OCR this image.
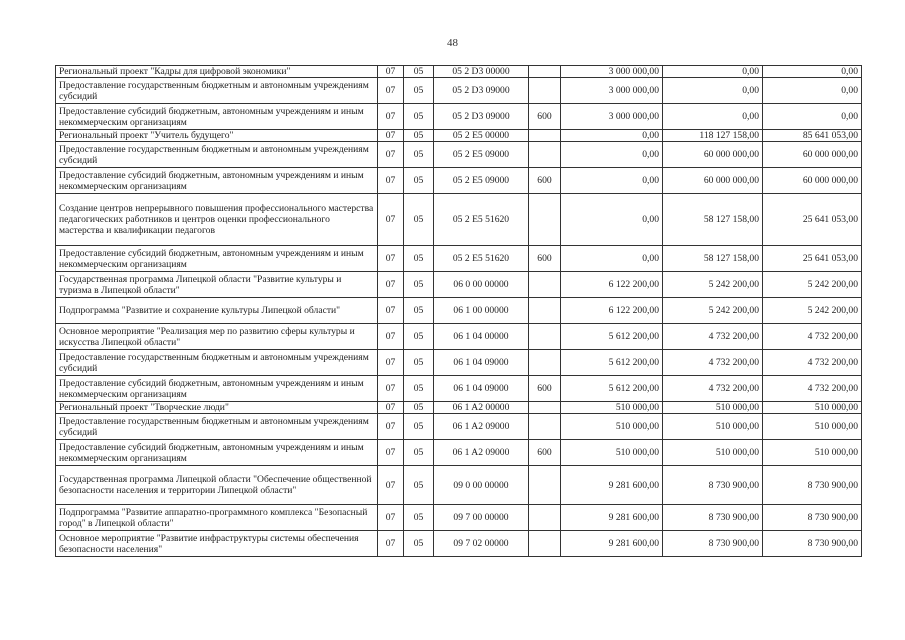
48
Региональный проект "Кадры для цифровой экономики"	07	05	05 2 D3 00000		3 000 000,00	0,00	0,00
Предоставление государственным бюджетным и автономным учреждениям субсидий	07	05	05 2 D3 09000		3 000 000,00	0,00	0,00
Предоставление субсидий бюджетным, автономным учреждениям и иным некоммерческим организациям	07	05	05 2 D3 09000	600	3 000 000,00	0,00	0,00
Региональный проект "Учитель будущего"	07	05	05 2 E5 00000		0,00	118 127 158,00	85 641 053,00
Предоставление государственным бюджетным и автономным учреждениям субсидий	07	05	05 2 E5 09000		0,00	60 000 000,00	60 000 000,00
Предоставление субсидий бюджетным, автономным учреждениям и иным некоммерческим организациям	07	05	05 2 E5 09000	600	0,00	60 000 000,00	60 000 000,00
Создание центров непрерывного повышения профессионального мастерства педагогических работников и центров оценки профессионального мастерства и квалификации педагогов	07	05	05 2 E5 51620		0,00	58 127 158,00	25 641 053,00
Предоставление субсидий бюджетным, автономным учреждениям и иным некоммерческим организациям	07	05	05 2 E5 51620	600	0,00	58 127 158,00	25 641 053,00
Государственная программа Липецкой области "Развитие культуры и туризма в Липецкой области"	07	05	06 0 00 00000		6 122 200,00	5 242 200,00	5 242 200,00
Подпрограмма "Развитие и сохранение культуры Липецкой области"	07	05	06 1 00 00000		6 122 200,00	5 242 200,00	5 242 200,00
Основное мероприятие "Реализация мер по развитию сферы культуры и искусства Липецкой области"	07	05	06 1 04 00000		5 612 200,00	4 732 200,00	4 732 200,00
Предоставление государственным бюджетным и автономным учреждениям субсидий	07	05	06 1 04 09000		5 612 200,00	4 732 200,00	4 732 200,00
Предоставление субсидий бюджетным, автономным учреждениям и иным некоммерческим организациям	07	05	06 1 04 09000	600	5 612 200,00	4 732 200,00	4 732 200,00
Региональный проект "Творческие люди"	07	05	06 1 A2 00000		510 000,00	510 000,00	510 000,00
Предоставление государственным бюджетным и автономным учреждениям субсидий	07	05	06 1 A2 09000		510 000,00	510 000,00	510 000,00
Предоставление субсидий бюджетным, автономным учреждениям и иным некоммерческим организациям	07	05	06 1 A2 09000	600	510 000,00	510 000,00	510 000,00
Государственная программа Липецкой области "Обеспечение общественной безопасности населения и территории Липецкой области"	07	05	09 0 00 00000		9 281 600,00	8 730 900,00	8 730 900,00
Подпрограмма "Развитие аппаратно-программного комплекса "Безопасный город" в Липецкой области"	07	05	09 7 00 00000		9 281 600,00	8 730 900,00	8 730 900,00
Основное мероприятие "Развитие инфраструктуры системы обеспечения безопасности населения"	07	05	09 7 02 00000		9 281 600,00	8 730 900,00	8 730 900,00
